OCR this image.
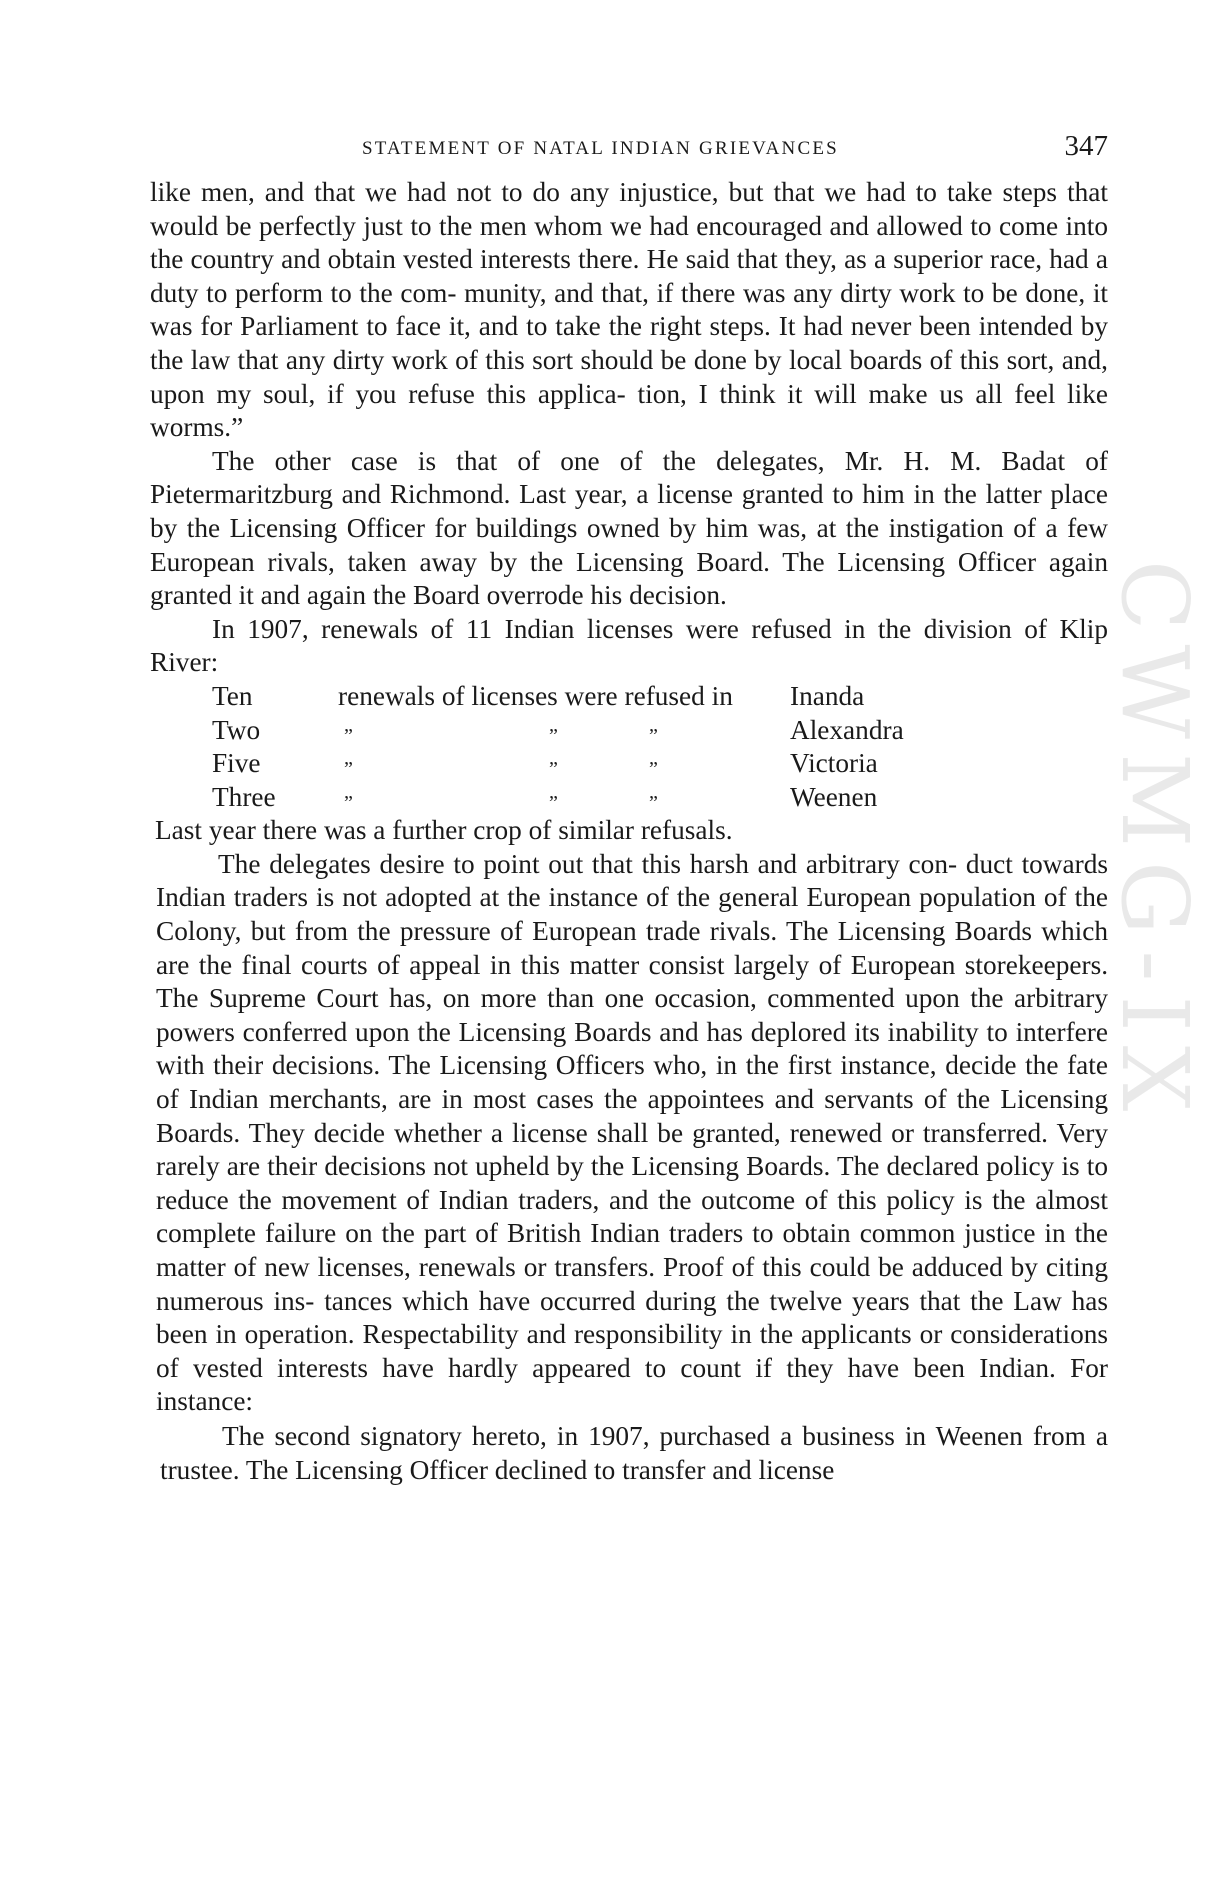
STATEMENT OF NATAL INDIAN GRIEVANCES	347
CWMG-IX

like men, and that we had not to do any injustice, but that we had to take steps that would be perfectly just to the men whom we had encouraged and allowed to come into the country and obtain vested interests there. He said that they, as a superior race, had a duty to perform to the com- munity, and that, if there was any dirty work to be done, it was for Parliament to face it, and to take the right steps. It had never been intended by the law that any dirty work of this sort should be done by local boards of this sort, and, upon my soul, if you refuse this applica- tion, I think it will make us all feel like worms.”

The other case is that of one of the delegates, Mr. H. M. Badat of Pietermaritzburg and Richmond. Last year, a license granted to him in the latter place by the Licensing Officer for buildings owned by him was, at the instigation of a few European rivals, taken away by the Licensing Board. The Licensing Officer again granted it and again the Board overrode his decision.

In 1907, renewals of 11 Indian licenses were refused in the division of Klip River:

Ten	renewals of licenses were refused in Inanda
Two	”	”	”	Alexandra
Five	”	”	”	Victoria
Three	”	”	”	Weenen

Last year there was a further crop of similar refusals.

The delegates desire to point out that this harsh and arbitrary con- duct towards Indian traders is not adopted at the instance of the general European population of the Colony, but from the pressure of European trade rivals. The Licensing Boards which are the final courts of appeal in this matter consist largely of European storekeepers. The Supreme Court has, on more than one occasion, commented upon the arbitrary powers conferred upon the Licensing Boards and has deplored its inability to interfere with their decisions. The Licensing Officers who, in the first instance, decide the fate of Indian merchants, are in most cases the appointees and servants of the Licensing Boards. They decide whether a license shall be granted, renewed or transferred. Very rarely are their decisions not upheld by the Licensing Boards. The declared policy is to reduce the movement of Indian traders, and the outcome of this policy is the almost complete failure on the part of British Indian traders to obtain common justice in the matter of new licenses, renewals or transfers. Proof of this could be adduced by citing numerous ins- tances which have occurred during the twelve years that the Law has been in operation. Respectability and responsibility in the applicants or considerations of vested interests have hardly appeared to count if they have been Indian. For instance:

The second signatory hereto, in 1907, purchased a business in Weenen from a trustee. The Licensing Officer declined to transfer and license
